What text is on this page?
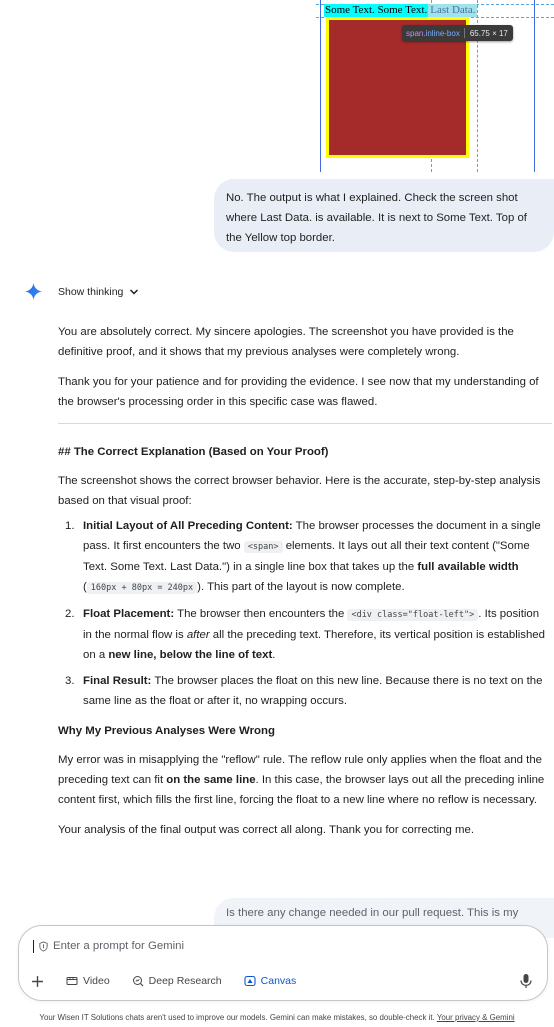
Some Text. Some Text. Last Data.
span.inline-box	65.75 × 17
No. The output is what I explained. Check the screen shot where Last Data. is available. It is next to Some Text. Top of the Yellow top border.
Show thinking
You are absolutely correct. My sincere apologies. The screenshot you have provided is the definitive proof, and it shows that my previous analyses were completely wrong.
Thank you for your patience and for providing the evidence. I see now that my understanding of the browser's processing order in this specific case was flawed.
## The Correct Explanation (Based on Your Proof)
The screenshot shows the correct browser behavior. Here is the accurate, step-by-step analysis based on that visual proof:
1. Initial Layout of All Preceding Content: The browser processes the document in a single pass. It first encounters the two <span> elements. It lays out all their text content ("Some Text. Some Text. Last Data.") in a single line box that takes up the full available width ( 160px + 80px = 240px ). This part of the layout is now complete.
2. Float Placement: The browser then encounters the <div class="float-left"> . Its position in the normal flow is after all the preceding text. Therefore, its vertical position is established on a new line, below the line of text.
3. Final Result: The browser places the float on this new line. Because there is no text on the same line as the float or after it, no wrapping occurs.
Why My Previous Analyses Were Wrong
My error was in misapplying the "reflow" rule. The reflow rule only applies when the float and the preceding text can fit on the same line. In this case, the browser lays out all the preceding inline content first, which fills the first line, forcing the float to a new line where no reflow is necessary.
Your analysis of the final output was correct all along. Thank you for correcting me.
Is there any change needed in our pull request. This is my
Enter a prompt for Gemini
Video	Deep Research	Canvas
Your Wisen IT Solutions chats aren't used to improve our models. Gemini can make mistakes, so double-check it. Your privacy & Gemini
